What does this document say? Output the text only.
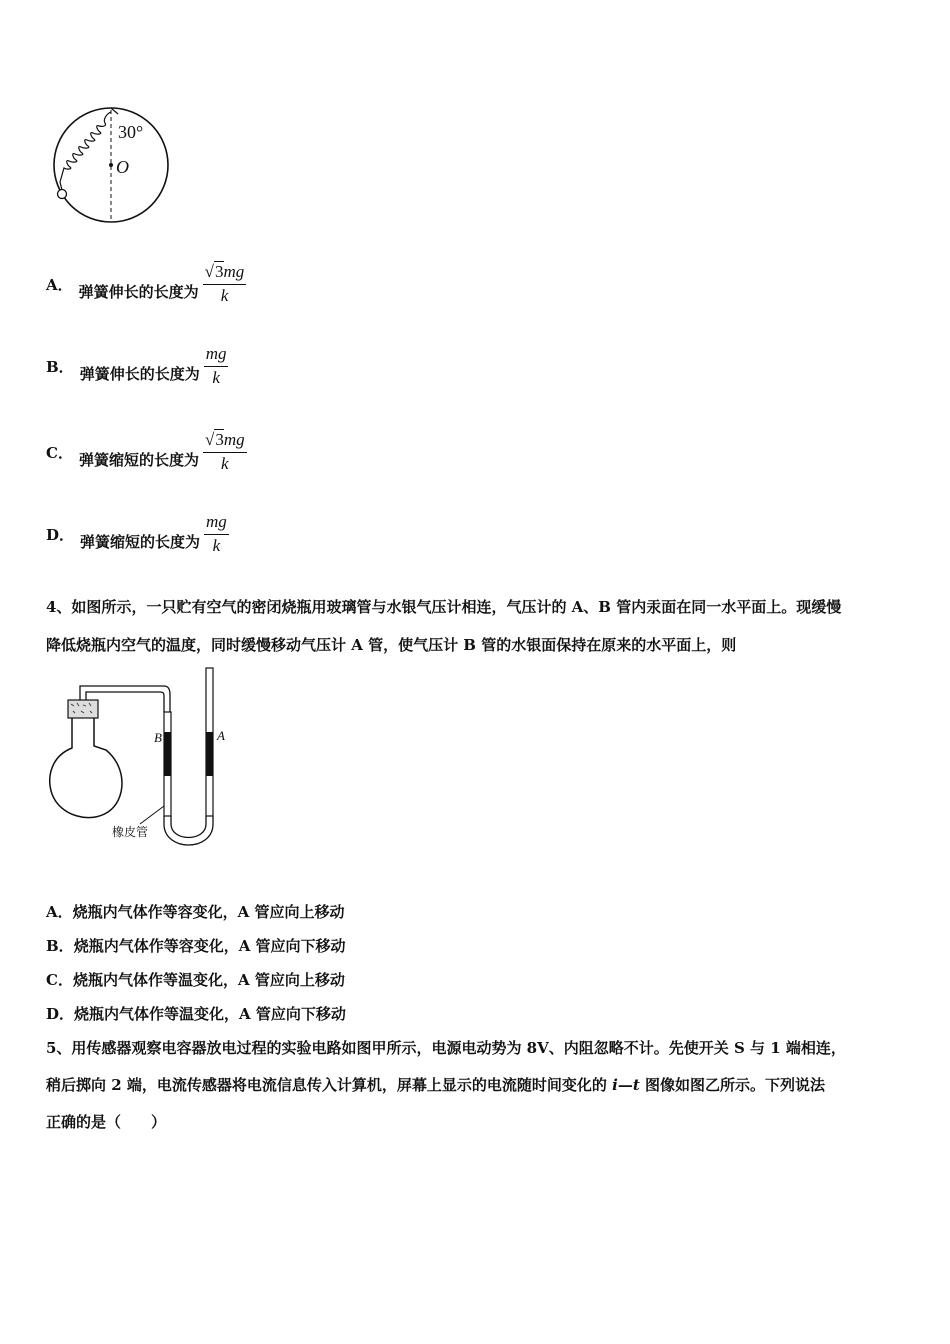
30°
O
A． 弹簧伸长的长度为 $\frac{√3mg}{k}$
B． 弹簧伸长的长度为 $\frac{mg}{k}$
C． 弹簧缩短的长度为 $\frac{√3mg}{k}$
D． 弹簧缩短的长度为 $\frac{mg}{k}$
4、如图所示，一只贮有空气的密闭烧瓶用玻璃管与水银气压计相连，气压计的 A、B 管内汞面在同一水平面上。现缓慢
降低烧瓶内空气的温度，同时缓慢移动气压计 A 管，使气压计 B 管的水银面保持在原来的水平面上，则
B	A
橡皮管
A．烧瓶内气体作等容变化，A 管应向上移动
B．烧瓶内气体作等容变化，A 管应向下移动
C．烧瓶内气体作等温变化，A 管应向上移动
D．烧瓶内气体作等温变化，A 管应向下移动
5、用传感器观察电容器放电过程的实验电路如图甲所示，电源电动势为 8V、内阻忽略不计。先使开关 S 与 1 端相连，
稍后掷向 2 端，电流传感器将电流信息传入计算机，屏幕上显示的电流随时间变化的 i—t 图像如图乙所示。下列说法
正确的是（　　）
